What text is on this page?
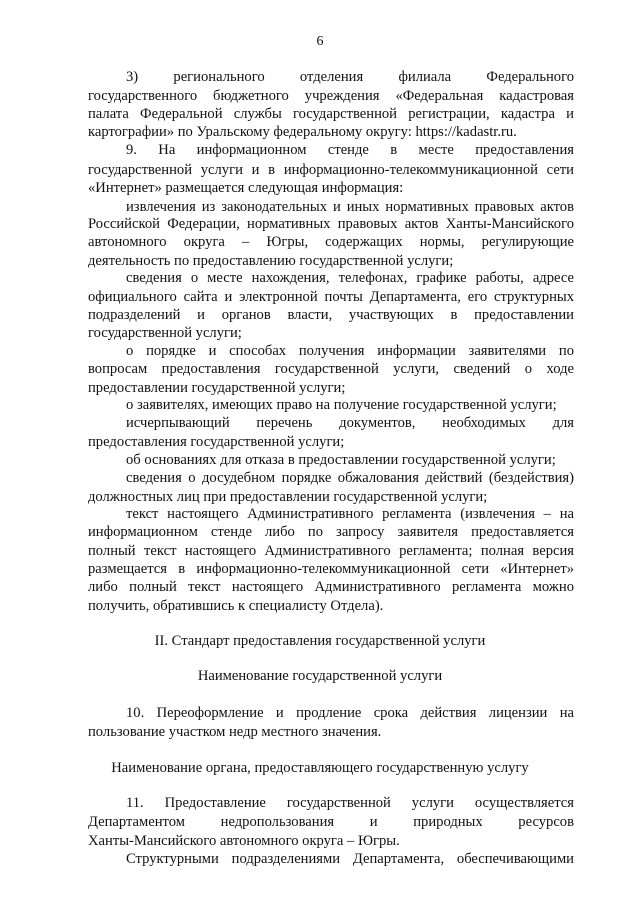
6
3) регионального отделения филиала Федерального
государственного бюджетного учреждения «Федеральная кадастровая
палата Федеральной службы государственной регистрации, кадастра и
картографии» по Уральскому федеральному округу: https://kadastr.ru.
9. На информационном стенде в месте предоставления
государственной услуги и в информационно-телекоммуникационной сети
«Интернет» размещается следующая информация:
извлечения из законодательных и иных нормативных правовых актов
Российской Федерации, нормативных правовых актов Ханты-Мансийского
автономного округа – Югры, содержащих нормы, регулирующие
деятельность по предоставлению государственной услуги;
сведения о месте нахождения, телефонах, графике работы, адресе
официального сайта и электронной почты Департамента, его структурных
подразделений и органов власти, участвующих в предоставлении
государственной услуги;
о порядке и способах получения информации заявителями по
вопросам предоставления государственной услуги, сведений о ходе
предоставлении государственной услуги;
о заявителях, имеющих право на получение государственной услуги;
исчерпывающий перечень документов, необходимых для
предоставления государственной услуги;
об основаниях для отказа в предоставлении государственной услуги;
сведения о досудебном порядке обжалования действий (бездействия)
должностных лиц при предоставлении государственной услуги;
текст настоящего Административного регламента (извлечения – на
информационном стенде либо по запросу заявителя предоставляется
полный текст настоящего Административного регламента; полная версия
размещается в информационно-телекоммуникационной сети «Интернет»
либо полный текст настоящего Административного регламента можно
получить, обратившись к специалисту Отдела).
II. Стандарт предоставления государственной услуги
Наименование государственной услуги
10. Переоформление и продление срока действия лицензии на
пользование участком недр местного значения.
Наименование органа, предоставляющего государственную услугу
11. Предоставление государственной услуги осуществляется
Департаментом недропользования и природных ресурсов
Ханты-Мансийского автономного округа – Югры.
Структурными подразделениями Департамента, обеспечивающими
